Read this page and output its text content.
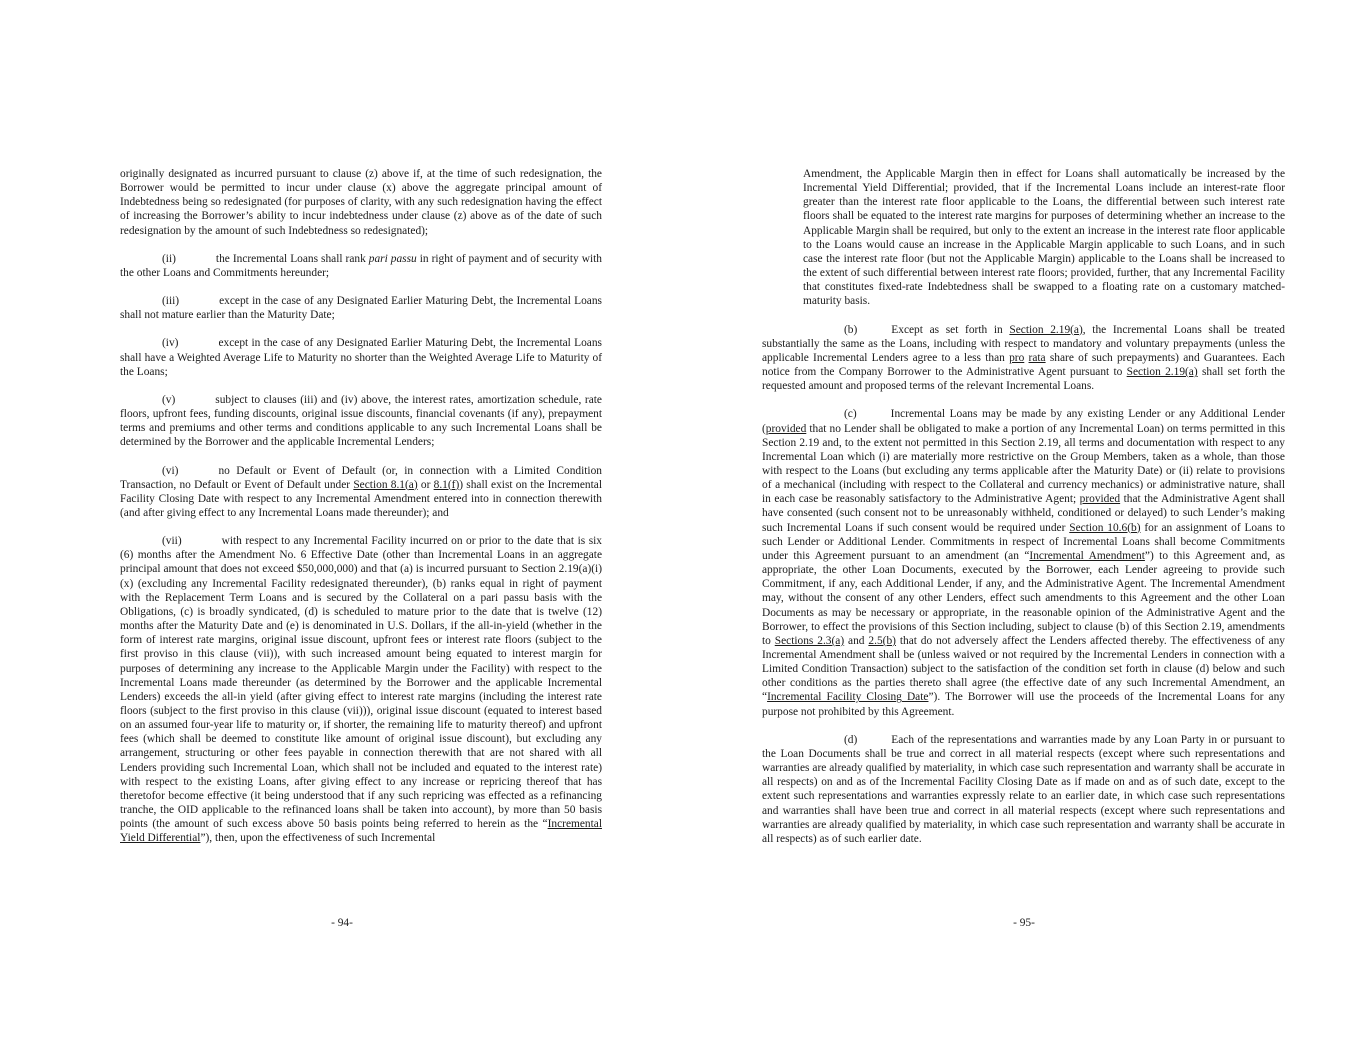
originally designated as incurred pursuant to clause (z) above if, at the time of such redesignation, the Borrower would be permitted to incur under clause (x) above the aggregate principal amount of Indebtedness being so redesignated (for purposes of clarity, with any such redesignation having the effect of increasing the Borrower’s ability to incur indebtedness under clause (z) above as of the date of such redesignation by the amount of such Indebtedness so redesignated);

(ii)	the Incremental Loans shall rank pari passu in right of payment and of security with the other Loans and Commitments hereunder;

(iii)	except in the case of any Designated Earlier Maturing Debt, the Incremental Loans shall not mature earlier than the Maturity Date;

(iv)	except in the case of any Designated Earlier Maturing Debt, the Incremental Loans shall have a Weighted Average Life to Maturity no shorter than the Weighted Average Life to Maturity of the Loans;

(v)	subject to clauses (iii) and (iv) above, the interest rates, amortization schedule, rate floors, upfront fees, funding discounts, original issue discounts, financial covenants (if any), prepayment terms and premiums and other terms and conditions applicable to any such Incremental Loans shall be determined by the Borrower and the applicable Incremental Lenders;

(vi)	no Default or Event of Default (or, in connection with a Limited Condition Transaction, no Default or Event of Default under Section 8.1(a) or 8.1(f)) shall exist on the Incremental Facility Closing Date with respect to any Incremental Amendment entered into in connection therewith (and after giving effect to any Incremental Loans made thereunder); and

(vii)	with respect to any Incremental Facility incurred on or prior to the date that is six (6) months after the Amendment No. 6 Effective Date (other than Incremental Loans in an aggregate principal amount that does not exceed $50,000,000) and that (a) is incurred pursuant to Section 2.19(a)(i)(x) (excluding any Incremental Facility redesignated thereunder), (b) ranks equal in right of payment with the Replacement Term Loans and is secured by the Collateral on a pari passu basis with the Obligations, (c) is broadly syndicated, (d) is scheduled to mature prior to the date that is twelve (12) months after the Maturity Date and (e) is denominated in U.S. Dollars, if the all-in-yield (whether in the form of interest rate margins, original issue discount, upfront fees or interest rate floors (subject to the first proviso in this clause (vii)), with such increased amount being equated to interest margin for purposes of determining any increase to the Applicable Margin under the Facility) with respect to the Incremental Loans made thereunder (as determined by the Borrower and the applicable Incremental Lenders) exceeds the all-in yield (after giving effect to interest rate margins (including the interest rate floors (subject to the first proviso in this clause (vii))), original issue discount (equated to interest based on an assumed four-year life to maturity or, if shorter, the remaining life to maturity thereof) and upfront fees (which shall be deemed to constitute like amount of original issue discount), but excluding any arrangement, structuring or other fees payable in connection therewith that are not shared with all Lenders providing such Incremental Loan, which shall not be included and equated to the interest rate) with respect to the existing Loans, after giving effect to any increase or repricing thereof that has theretofor become effective (it being understood that if any such repricing was effected as a refinancing tranche, the OID applicable to the refinanced loans shall be taken into account), by more than 50 basis points (the amount of such excess above 50 basis points being referred to herein as the “Incremental Yield Differential”), then, upon the effectiveness of such Incremental

- 94-

Amendment, the Applicable Margin then in effect for Loans shall automatically be increased by the Incremental Yield Differential; provided, that if the Incremental Loans include an interest-rate floor greater than the interest rate floor applicable to the Loans, the differential between such interest rate floors shall be equated to the interest rate margins for purposes of determining whether an increase to the Applicable Margin shall be required, but only to the extent an increase in the interest rate floor applicable to the Loans would cause an increase in the Applicable Margin applicable to such Loans, and in such case the interest rate floor (but not the Applicable Margin) applicable to the Loans shall be increased to the extent of such differential between interest rate floors; provided, further, that any Incremental Facility that constitutes fixed-rate Indebtedness shall be swapped to a floating rate on a customary matched-maturity basis.

(b)	Except as set forth in Section 2.19(a), the Incremental Loans shall be treated substantially the same as the Loans, including with respect to mandatory and voluntary prepayments (unless the applicable Incremental Lenders agree to a less than pro rata share of such prepayments) and Guarantees. Each notice from the Company Borrower to the Administrative Agent pursuant to Section 2.19(a) shall set forth the requested amount and proposed terms of the relevant Incremental Loans.

(c)	Incremental Loans may be made by any existing Lender or any Additional Lender (provided that no Lender shall be obligated to make a portion of any Incremental Loan) on terms permitted in this Section 2.19 and, to the extent not permitted in this Section 2.19, all terms and documentation with respect to any Incremental Loan which (i) are materially more restrictive on the Group Members, taken as a whole, than those with respect to the Loans (but excluding any terms applicable after the Maturity Date) or (ii) relate to provisions of a mechanical (including with respect to the Collateral and currency mechanics) or administrative nature, shall in each case be reasonably satisfactory to the Administrative Agent; provided that the Administrative Agent shall have consented (such consent not to be unreasonably withheld, conditioned or delayed) to such Lender’s making such Incremental Loans if such consent would be required under Section 10.6(b) for an assignment of Loans to such Lender or Additional Lender. Commitments in respect of Incremental Loans shall become Commitments under this Agreement pursuant to an amendment (an “Incremental Amendment”) to this Agreement and, as appropriate, the other Loan Documents, executed by the Borrower, each Lender agreeing to provide such Commitment, if any, each Additional Lender, if any, and the Administrative Agent. The Incremental Amendment may, without the consent of any other Lenders, effect such amendments to this Agreement and the other Loan Documents as may be necessary or appropriate, in the reasonable opinion of the Administrative Agent and the Borrower, to effect the provisions of this Section including, subject to clause (b) of this Section 2.19, amendments to Sections 2.3(a) and 2.5(b) that do not adversely affect the Lenders affected thereby. The effectiveness of any Incremental Amendment shall be (unless waived or not required by the Incremental Lenders in connection with a Limited Condition Transaction) subject to the satisfaction of the condition set forth in clause (d) below and such other conditions as the parties thereto shall agree (the effective date of any such Incremental Amendment, an “Incremental Facility Closing Date”). The Borrower will use the proceeds of the Incremental Loans for any purpose not prohibited by this Agreement.

(d)	Each of the representations and warranties made by any Loan Party in or pursuant to the Loan Documents shall be true and correct in all material respects (except where such representations and warranties are already qualified by materiality, in which case such representation and warranty shall be accurate in all respects) on and as of the Incremental Facility Closing Date as if made on and as of such date, except to the extent such representations and warranties expressly relate to an earlier date, in which case such representations and warranties shall have been true and correct in all material respects (except where such representations and warranties are already qualified by materiality, in which case such representation and warranty shall be accurate in all respects) as of such earlier date.

- 95-
